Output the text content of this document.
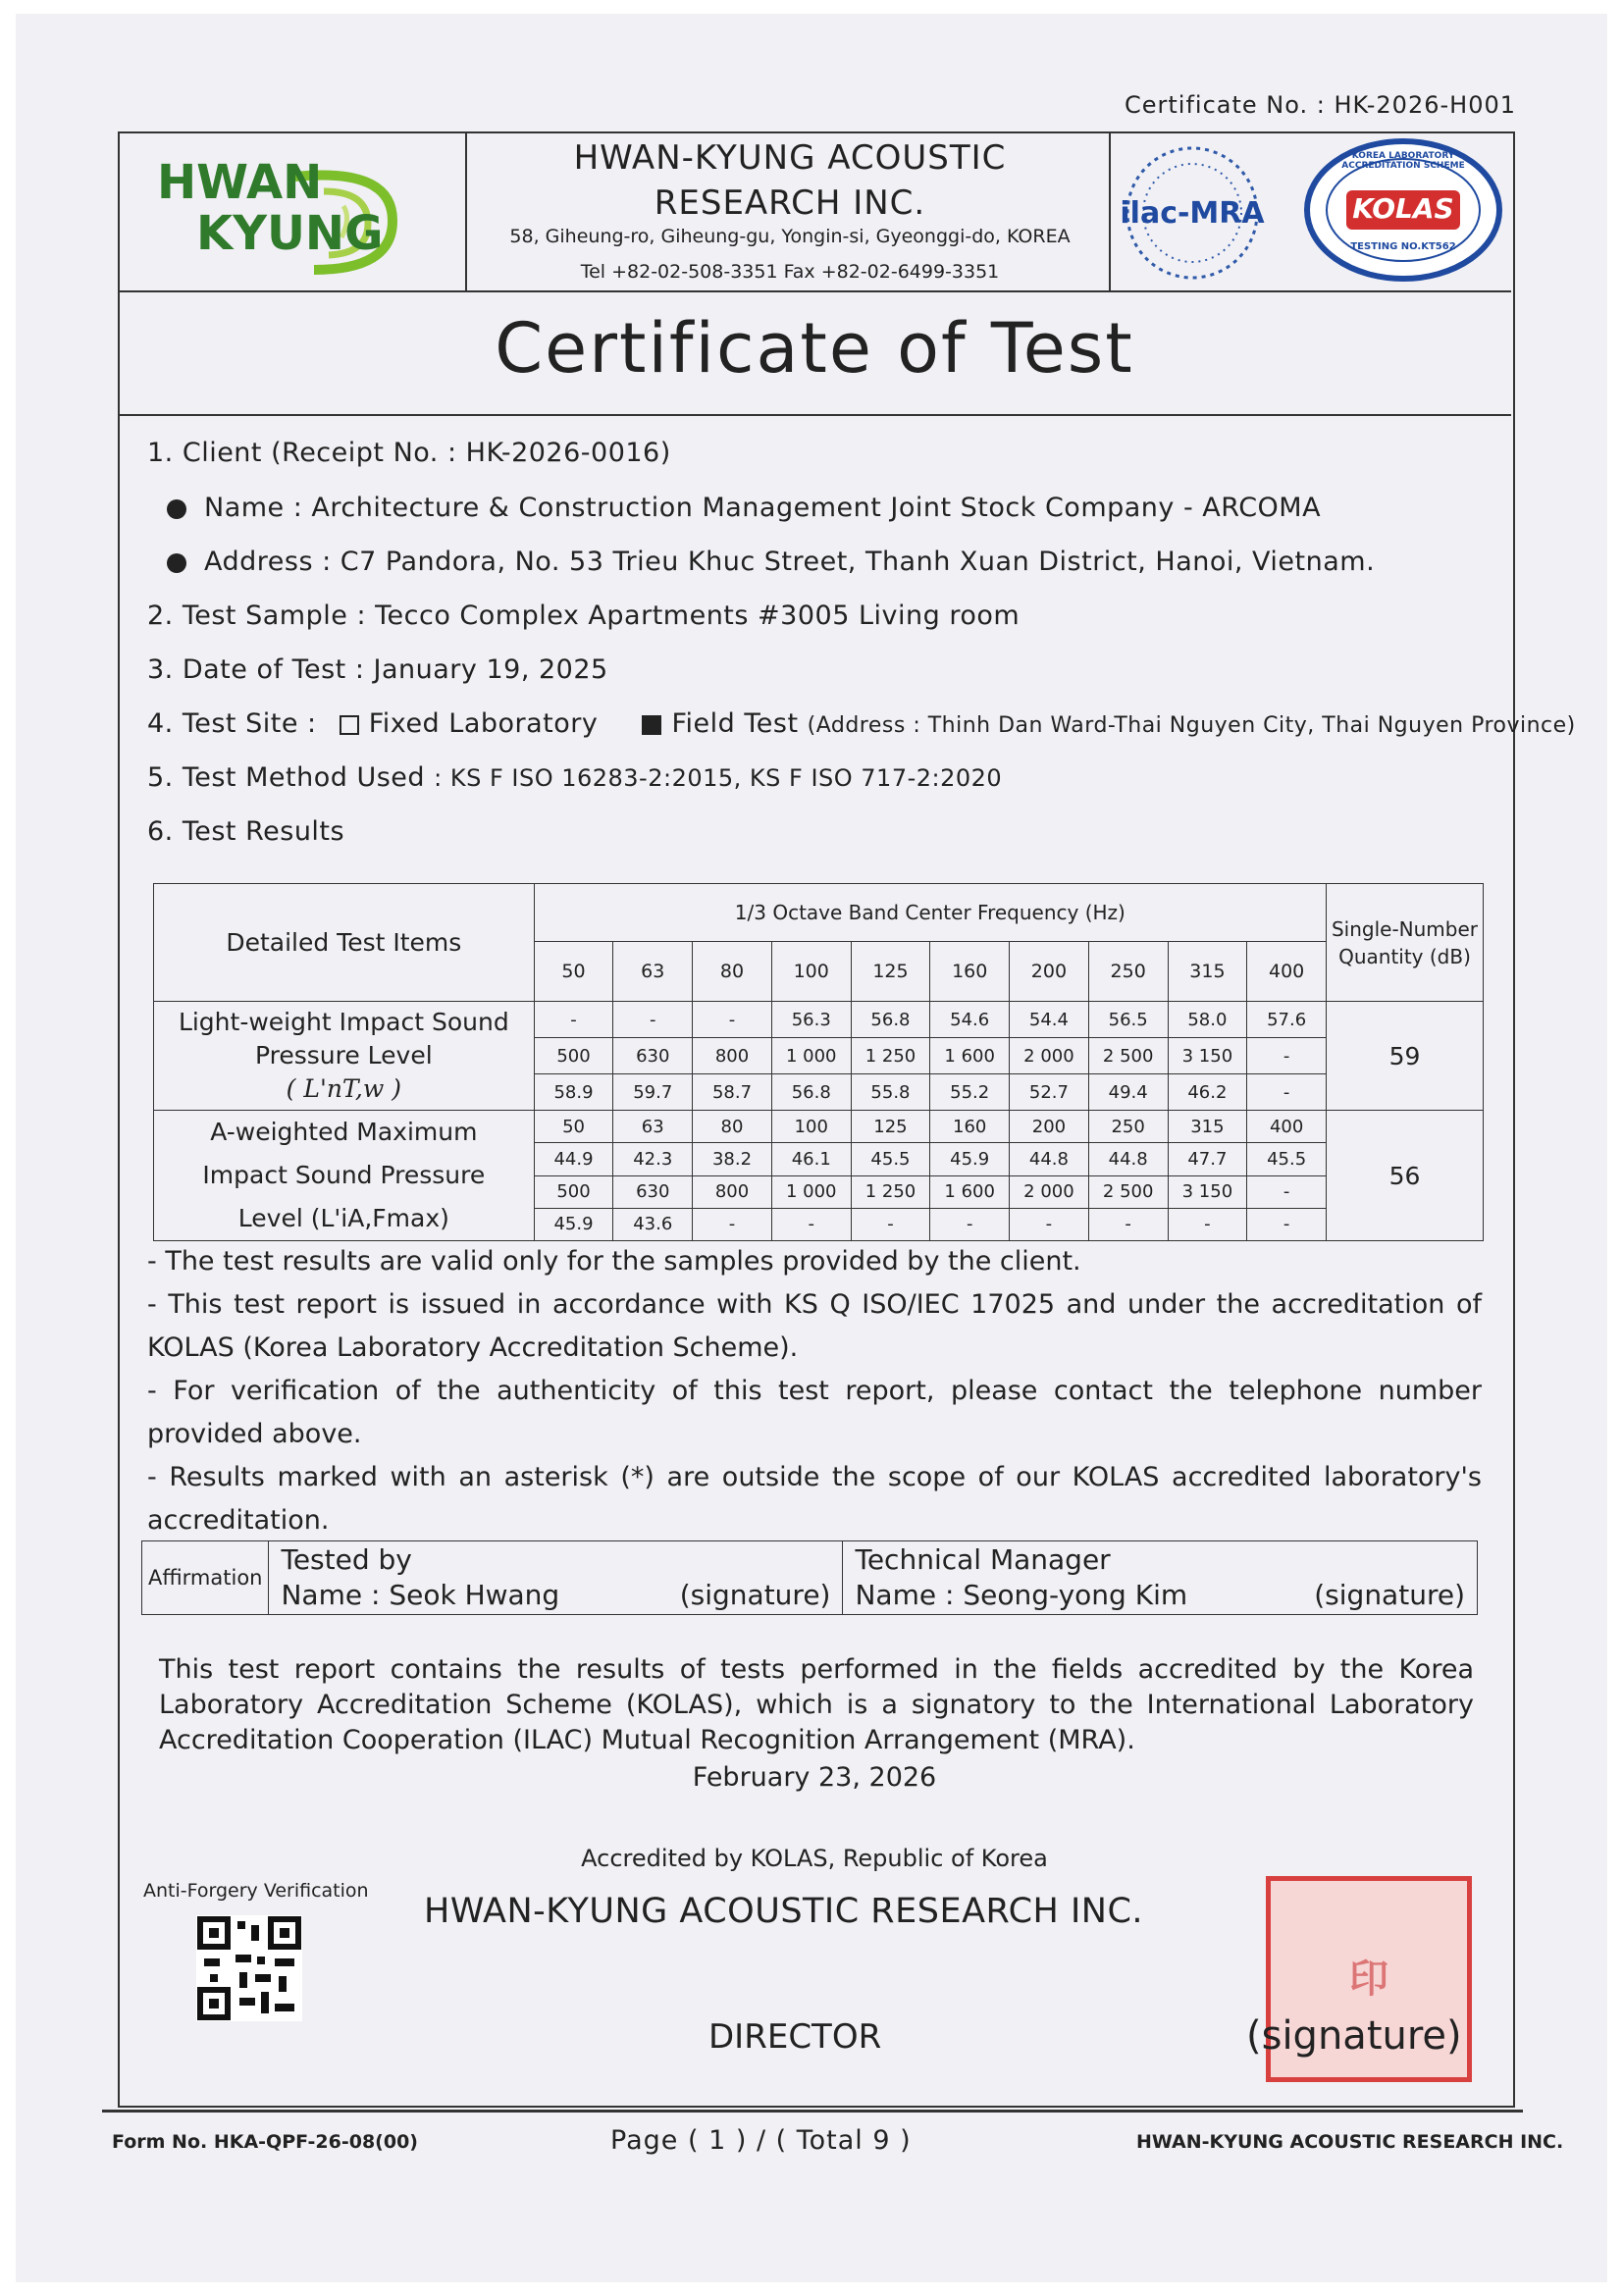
Certificate No. : HK-2026-H001
HWAN
KYUNG
HWAN-KYUNG ACOUSTIC
RESEARCH INC.
58, Giheung-ro, Giheung-gu, Yongin-si, Gyeonggi-do, KOREA
Tel +82-02-508-3351 Fax +82-02-6499-3351
ilac-MRA	KOLAS
KOREA LABORATORY ACCREDITATION SCHEME
TESTING NO.KT562
Certificate of Test
1. Client (Receipt No. : HK-2026-0016)
Name : Architecture & Construction Management Joint Stock Company - ARCOMA
Address : C7 Pandora, No. 53 Trieu Khuc Street, Thanh Xuan District, Hanoi, Vietnam.
2. Test Sample : Tecco Complex Apartments #3005 Living room
3. Date of Test : January 19, 2025
4. Test Site : Fixed Laboratory	Field Test (Address : Thinh Dan Ward-Thai Nguyen City, Thai Nguyen Province)
5. Test Method Used : KS F ISO 16283-2:2015, KS F ISO 717-2:2020
6. Test Results
Detailed Test Items	1/3 Octave Band Center Frequency (Hz)										Single-Number Quantity (dB)
	50	63	80	100	125	160	200	250	315	400	

Light-weight Impact Sound
Pressure Level
( L'nT,w )	-	-	-	56.3	56.8	54.6	54.4	56.5	58.0	57.6	59
	500	630	800	1 000	1 250	1 600	2 000	2 500	3 150	-	
	58.9	59.7	58.7	56.8	55.8	55.2	52.7	49.4	46.2	-	

A-weighted Maximum
Impact Sound Pressure
Level (L'iA,Fmax)	50	63	80	100	125	160	200	250	315	400	56
	44.9	42.3	38.2	46.1	45.5	45.9	44.8	44.8	47.7	45.5	
	500	630	800	1 000	1 250	1 600	2 000	2 500	3 150	-	
	45.9	43.6	-	-	-	-	-	-	-	-	

- The test results are valid only for the samples provided by the client.

- This test report is issued in accordance with KS Q ISO/IEC 17025 and under the accreditation of KOLAS (Korea Laboratory Accreditation Scheme).

- For verification of the authenticity of this test report, please contact the telephone number provided above.

- Results marked with an asterisk (*) are outside the scope of our KOLAS accredited laboratory's accreditation.

Affirmation	
Tested by
Name : Seok Hwang	(signature)

Technical Manager
Name : Seong-yong Kim	(signature)
This test report contains the results of tests performed in the fields accredited by the Korea Laboratory Accreditation Scheme (KOLAS), which is a signatory to the International Laboratory Accreditation Cooperation (ILAC) Mutual Recognition Arrangement (MRA).
February 23, 2026
Accredited by KOLAS, Republic of Korea
Anti-Forgery Verification
HWAN-KYUNG ACOUSTIC RESEARCH INC.
DIRECTOR
印
(signature)
Form No. HKA-QPF-26-08(00)	Page ( 1 ) / ( Total 9 )	HWAN-KYUNG ACOUSTIC RESEARCH INC.
